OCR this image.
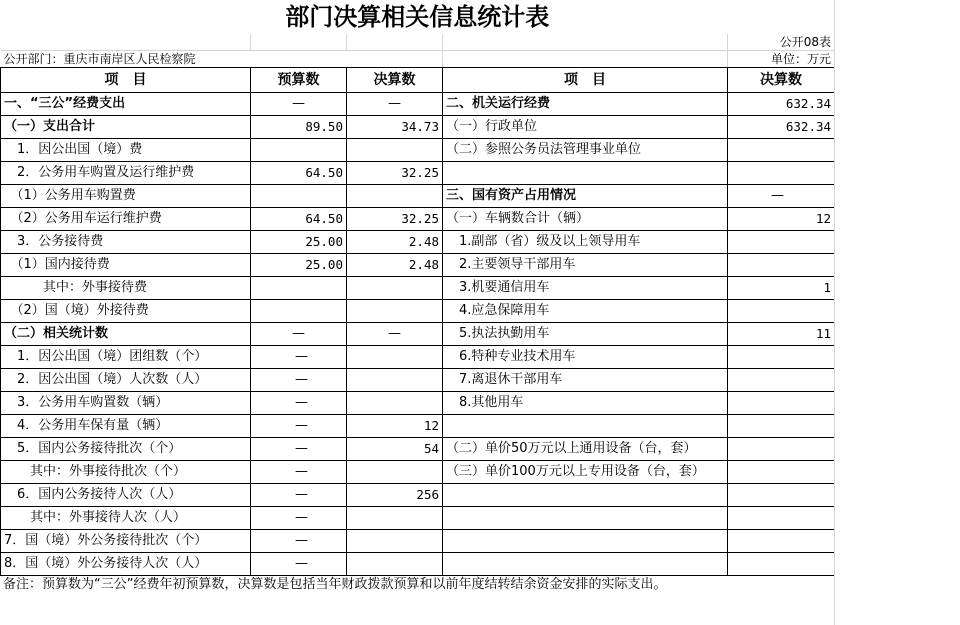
部门决算相关信息统计表				
				公开08表
公开部门：重庆市南岸区人民检察院				单位：万元
项　目	预算数	决算数	项　目	决算数
一、“三公”经费支出	—	—	二、机关运行经费	632.34
（一）支出合计	89.50	34.73	（一）行政单位	632.34
　1．因公出国（境）费			（二）参照公务员法管理事业单位	
　2．公务用车购置及运行维护费	64.50	32.25		
　（1）公务用车购置费			三、国有资产占用情况	—
　（2）公务用车运行维护费	64.50	32.25	（一）车辆数合计（辆）	12
　3．公务接待费	25.00	2.48	　1.副部（省）级及以上领导用车	
　（1）国内接待费	25.00	2.48	　2.主要领导干部用车	
　　　其中：外事接待费			　3.机要通信用车	1
　（2）国（境）外接待费			　4.应急保障用车	
（二）相关统计数	—	—	　5.执法执勤用车	11
　1．因公出国（境）团组数（个）	—		　6.特种专业技术用车	
　2．因公出国（境）人次数（人）	—		　7.离退休干部用车	
　3．公务用车购置数（辆）	—		　8.其他用车	
　4．公务用车保有量（辆）	—	12		
　5．国内公务接待批次（个）	—	54	（二）单价50万元以上通用设备（台，套）	
　　其中：外事接待批次（个）	—		（三）单价100万元以上专用设备（台，套）	
　6．国内公务接待人次（人）	—	256		
　　其中：外事接待人次（人）	—			
7．国（境）外公务接待批次（个）	—			
8．国（境）外公务接待人次（人）	—			
备注：预算数为“三公”经费年初预算数，决算数是包括当年财政拨款预算和以前年度结转结余资金安排的实际支出。
